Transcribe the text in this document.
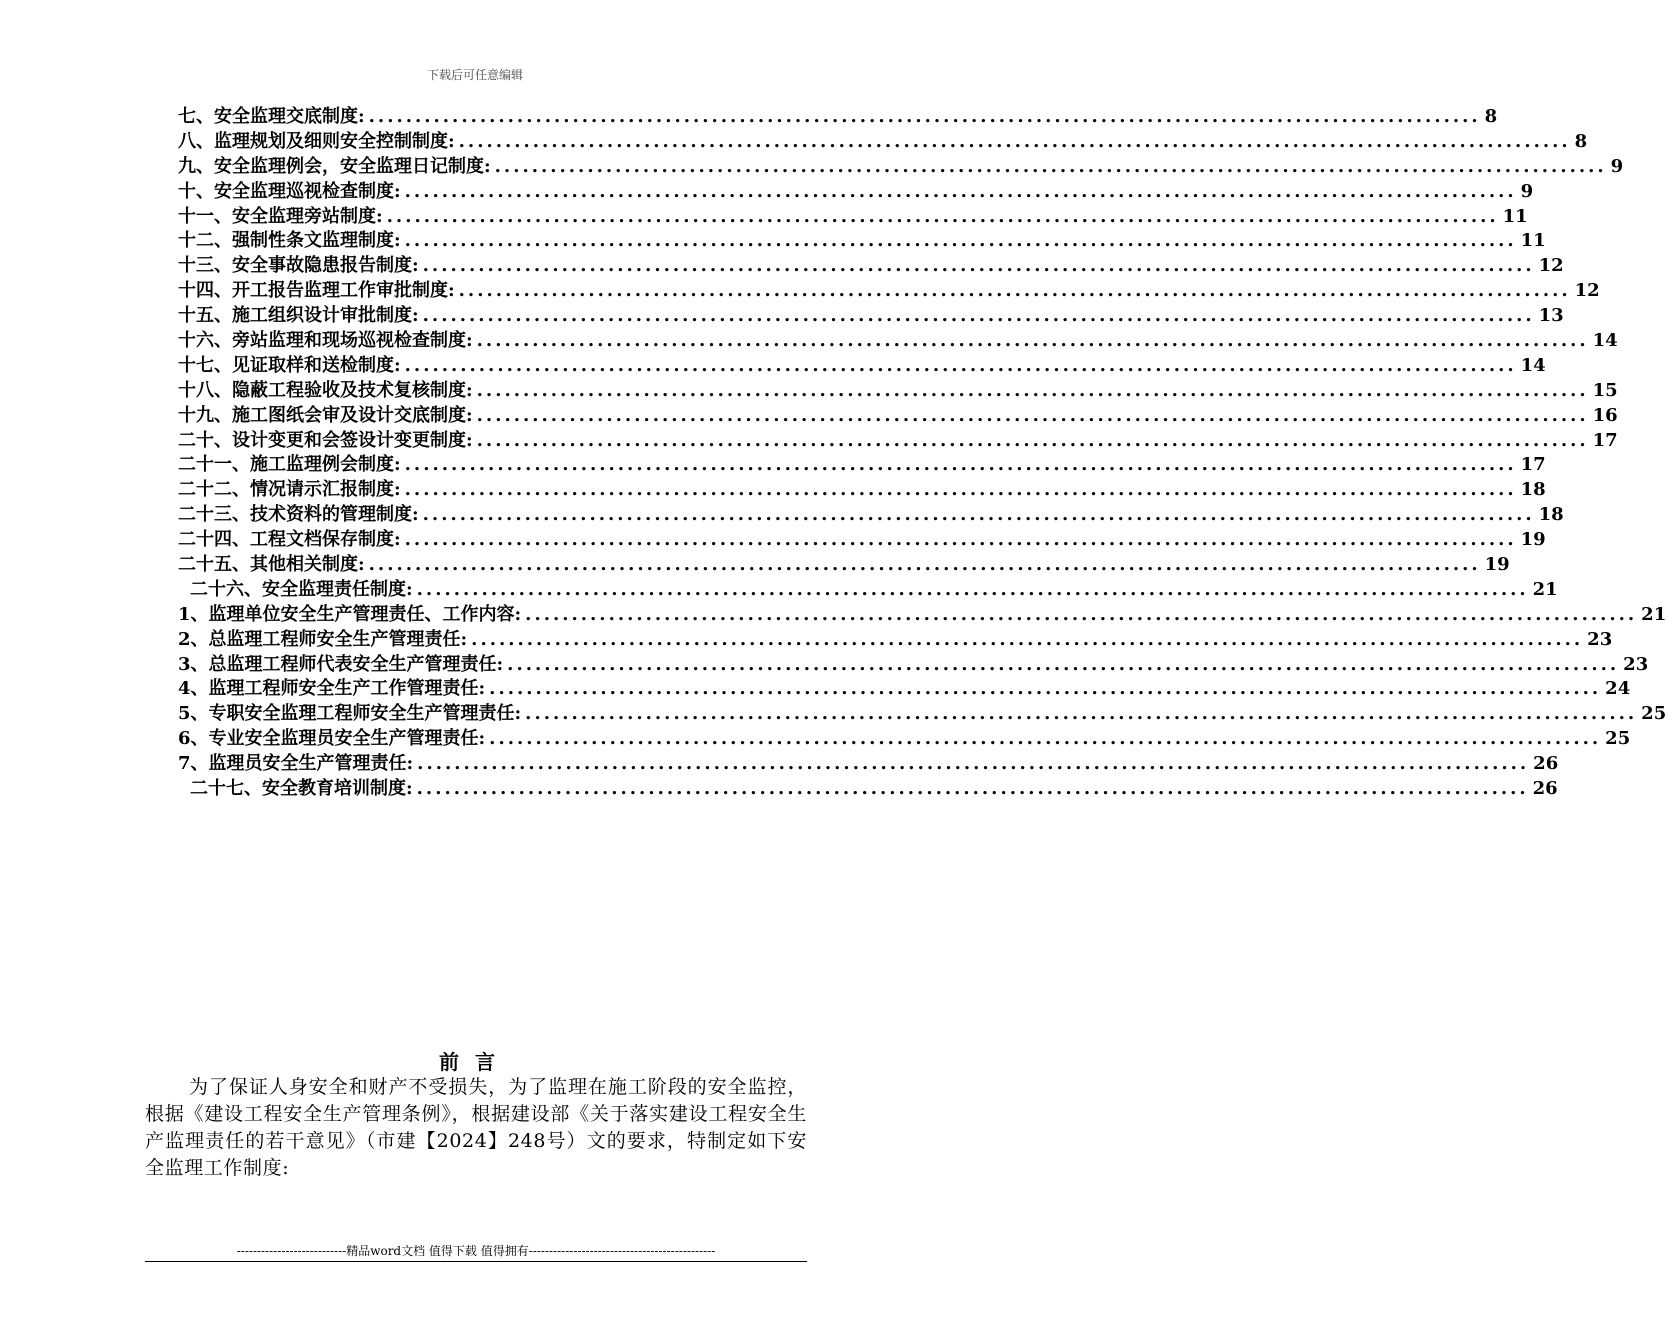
下载后可任意编辑
七、安全监理交底制度: ........................................................................................................................ 8
八、监理规划及细则安全控制制度: ........................................................................................................................ 8
九、安全监理例会，安全监理日记制度: ........................................................................................................................ 9
十、安全监理巡视检查制度: ........................................................................................................................ 9
十一、安全监理旁站制度: ........................................................................................................................ 11
十二、强制性条文监理制度: ........................................................................................................................ 11
十三、安全事故隐患报告制度: ........................................................................................................................ 12
十四、开工报告监理工作审批制度: ........................................................................................................................ 12
十五、施工组织设计审批制度: ........................................................................................................................ 13
十六、旁站监理和现场巡视检查制度: ........................................................................................................................ 14
十七、见证取样和送检制度: ........................................................................................................................ 14
十八、隐蔽工程验收及技术复核制度: ........................................................................................................................ 15
十九、施工图纸会审及设计交底制度: ........................................................................................................................ 16
二十、设计变更和会签设计变更制度: ........................................................................................................................ 17
二十一、施工监理例会制度: ........................................................................................................................ 17
二十二、情况请示汇报制度: ........................................................................................................................ 18
二十三、技术资料的管理制度: ........................................................................................................................ 18
二十四、工程文档保存制度: ........................................................................................................................ 19
二十五、其他相关制度: ........................................................................................................................ 19
二十六、安全监理责任制度: ........................................................................................................................ 21
1、监理单位安全生产管理责任、工作内容: ........................................................................................................................ 21
2、总监理工程师安全生产管理责任: ........................................................................................................................ 23
3、总监理工程师代表安全生产管理责任: ........................................................................................................................ 23
4、监理工程师安全生产工作管理责任: ........................................................................................................................ 24
5、专职安全监理工程师安全生产管理责任: ........................................................................................................................ 25
6、专业安全监理员安全生产管理责任: ........................................................................................................................ 25
7、监理员安全生产管理责任: ........................................................................................................................ 26
二十七、安全教育培训制度: ........................................................................................................................ 26
前言
为了保证人身安全和财产不受损失，为了监理在施工阶段的安全监控，根据《建设工程安全生产管理条例》，根据建设部《关于落实建设工程安全生产监理责任的若干意见》（市建【2024】248号）文的要求，特制定如下安全监理工作制度:
---------------------------精品word文档 值得下载 值得拥有----------------------------------------------
